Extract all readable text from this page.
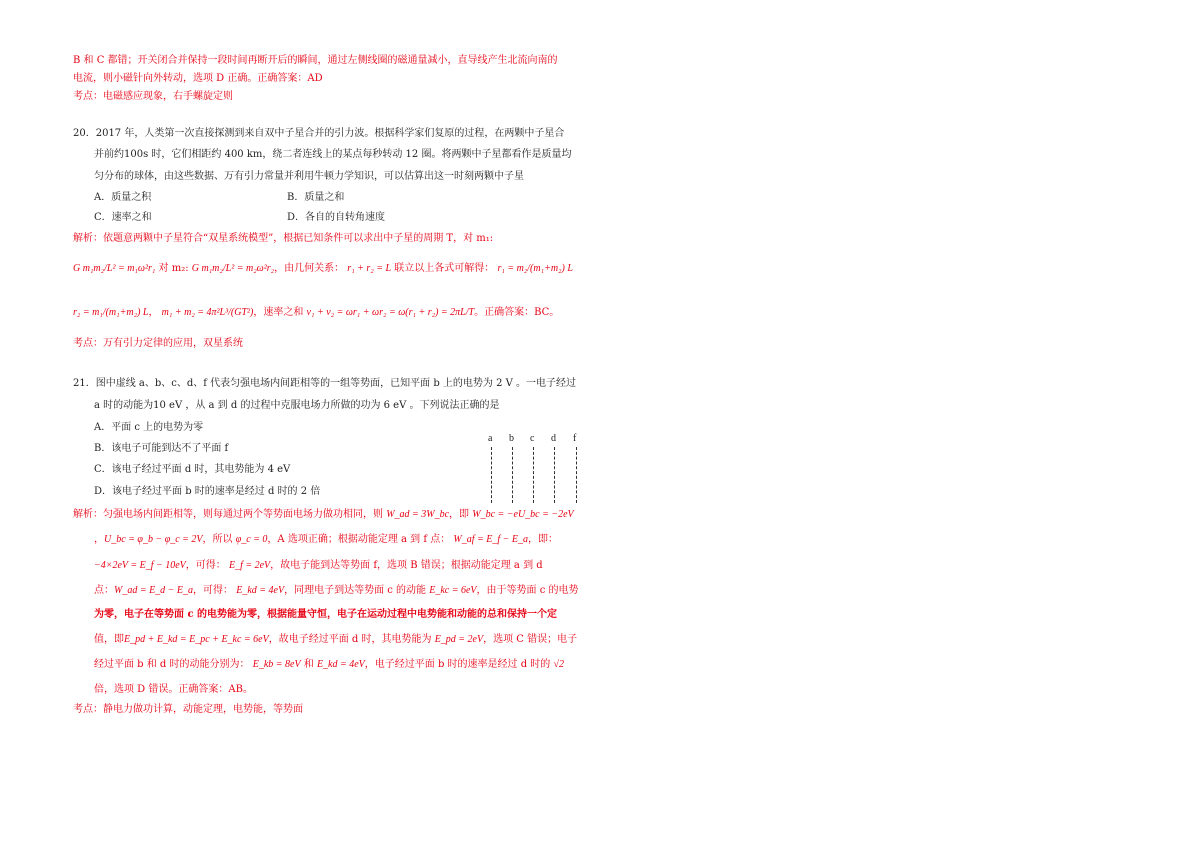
B 和 C 都错；开关闭合并保持一段时间再断开后的瞬间，通过左侧线圈的磁通量减小，直导线产生北流向南的
电流，则小磁针向外转动，选项 D 正确。正确答案：AD
考点：电磁感应现象，右手螺旋定则
20．2017 年，人类第一次直接探测到来自双中子星合并的引力波。根据科学家们复原的过程，在两颗中子星合
并前约100s 时，它们相距约 400 km，绕二者连线上的某点每秒转动 12 圈。将两颗中子星都看作是质量均
匀分布的球体，由这些数据、万有引力常量并利用牛顿力学知识，可以估算出这一时刻两颗中子星
A．质量之积	B．质量之和
C．速率之和	D．各自的自转角速度
解析：依题意两颗中子星符合“双星系统模型”，根据已知条件可以求出中子星的周期 T，对 m₁:
G m₁m₂/L² = m₁ω²r₁ 对 m₂: G m₁m₂/L² = m₂ω²r₂，由几何关系： r₁ + r₂ = L 联立以上各式可解得： r₁ = m₂/(m₁+m₂) L
r₂ = m₁/(m₁+m₂) L， m₁ + m₂ = 4π²L³/(GT²)，速率之和 v₁ + v₂ = ωr₁ + ωr₂ = ω(r₁ + r₂) = 2πL/T。正确答案：BC。
考点：万有引力定律的应用，双星系统
21．图中虚线 a、b、c、d、f 代表匀强电场内间距相等的一组等势面，已知平面 b 上的电势为 2 V 。一电子经过
a 时的动能为10 eV ，从 a 到 d 的过程中克服电场力所做的功为 6 eV 。下列说法正确的是
A．平面 c 上的电势为零
B．该电子可能到达不了平面 f
C．该电子经过平面 d 时，其电势能为 4 eV
D．该电子经过平面 b 时的速率是经过 d 时的 2 倍
a b c d f
解析：匀强电场内间距相等，则每通过两个等势面电场力做功相同，则 W_ad = 3W_bc，即 W_bc = −eU_bc = −2eV
，U_bc = φ_b − φ_c = 2V，所以 φ_c = 0，A 选项正确；根据动能定理 a 到 f 点： W_af = E_f − E_a，即：
−4×2eV = E_f − 10eV，可得： E_f = 2eV，故电子能到达等势面 f，选项 B 错误；根据动能定理 a 到 d
点：W_ad = E_d − E_a，可得： E_kd = 4eV，同理电子到达等势面 c 的动能 E_kc = 6eV，由于等势面 c 的电势
为零，电子在等势面 c 的电势能为零，根据能量守恒，电子在运动过程中电势能和动能的总和保持一个定
值，即E_pd + E_kd = E_pc + E_kc = 6eV，故电子经过平面 d 时，其电势能为 E_pd = 2eV，选项 C 错误；电子
经过平面 b 和 d 时的动能分别为： E_kb = 8eV 和 E_kd = 4eV，电子经过平面 b 时的速率是经过 d 时的 √2
倍，选项 D 错误。正确答案：AB。
考点：静电力做功计算，动能定理，电势能，等势面
